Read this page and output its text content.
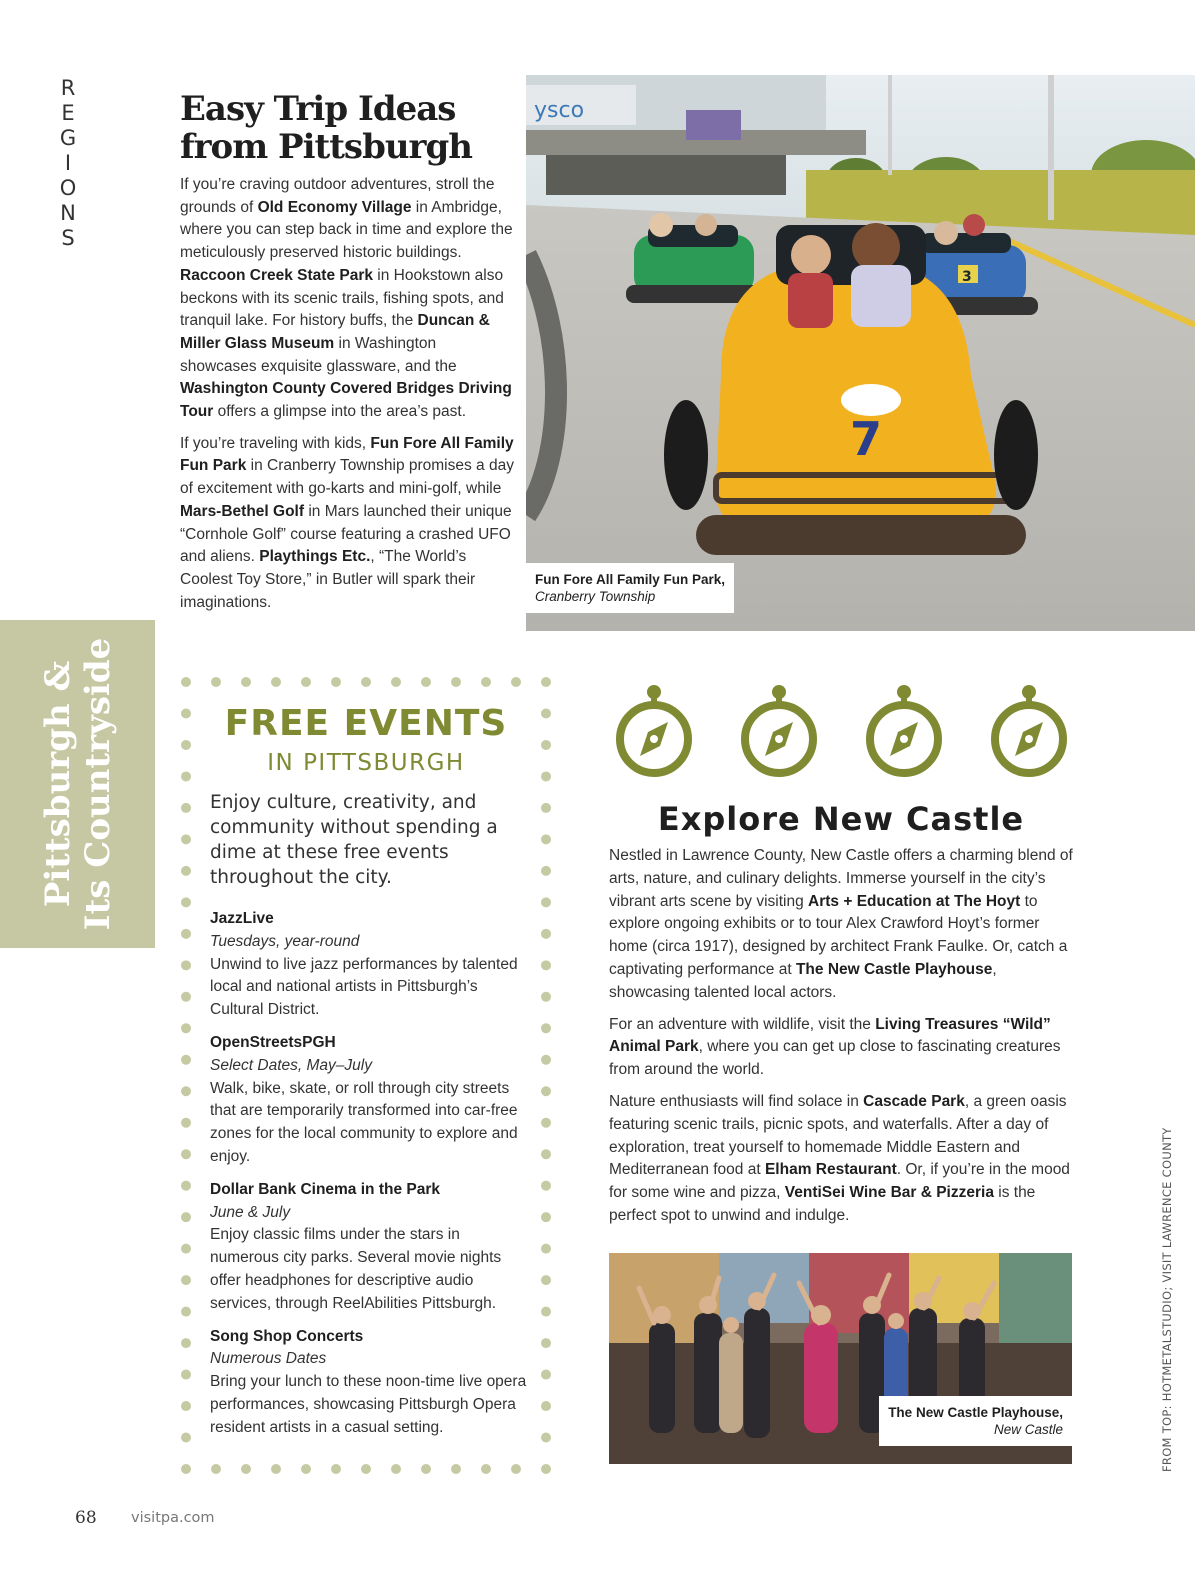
R
E
G
I
O
N
S
Pittsburgh & Its Countryside
Easy Trip Ideas
from Pittsburgh

If you’re craving outdoor adventures, stroll the grounds of Old Economy Village in Ambridge, where you can step back in time and explore the meticulously preserved historic buildings. Raccoon Creek State Park in Hookstown also beckons with its scenic trails, fishing spots, and tranquil lake. For history buffs, the Duncan & Miller Glass Museum in Washington showcases exquisite glassware, and the Washington County Covered Bridges Driving Tour offers a glimpse into the area’s past.

If you’re traveling with kids, Fun Fore All Family Fun Park in Cranberry Township promises a day of excitement with go-karts and mini-golf, while Mars-Bethel Golf in Mars launched their unique “Cornhole Golf” course featuring a crashed UFO and aliens. Playthings Etc., “The World’s Coolest Toy Store,” in Butler will spark their imaginations.

ysco
3
7
Fun Fore All Family Fun Park,
Cranberry Township
FREE EVENTS
IN PITTSBURGH
Enjoy culture, creativity, and community without spending a dime at these free events throughout the city.
JazzLive
Tuesdays, year-round
Unwind to live jazz performances by talented local and national artists in Pittsburgh’s Cultural District.
OpenStreetsPGH
Select Dates, May–July
Walk, bike, skate, or roll through city streets that are temporarily transformed into car-free zones for the local community to explore and enjoy.
Dollar Bank Cinema in the Park
June & July
Enjoy classic films under the stars in numerous city parks. Several movie nights offer headphones for descriptive audio services, through ReelAbilities Pittsburgh.
Song Shop Concerts
Numerous Dates
Bring your lunch to these noon-time live opera performances, showcasing Pittsburgh Opera resident artists in a casual setting.
Explore New Castle

Nestled in Lawrence County, New Castle offers a charming blend of arts, nature, and culinary delights. Immerse yourself in the city’s vibrant arts scene by visiting Arts + Education at The Hoyt to explore ongoing exhibits or to tour Alex Crawford Hoyt’s former home (circa 1917), designed by architect Frank Faulke. Or, catch a captivating performance at The New Castle Playhouse, showcasing talented local actors.

For an adventure with wildlife, visit the Living Treasures “Wild” Animal Park, where you can get up close to fascinating creatures from around the world.

Nature enthusiasts will find solace in Cascade Park, a green oasis featuring scenic trails, picnic spots, and waterfalls. After a day of exploration, treat yourself to homemade Middle Eastern and Mediterranean food at Elham Restaurant. Or, if you’re in the mood for some wine and pizza, VentiSei Wine Bar & Pizzeria is the perfect spot to unwind and indulge.

The New Castle Playhouse,
New Castle	FROM TOP: HOTMETALSTUDIO; VISIT LAWRENCE COUNTY
68 visitpa.com
